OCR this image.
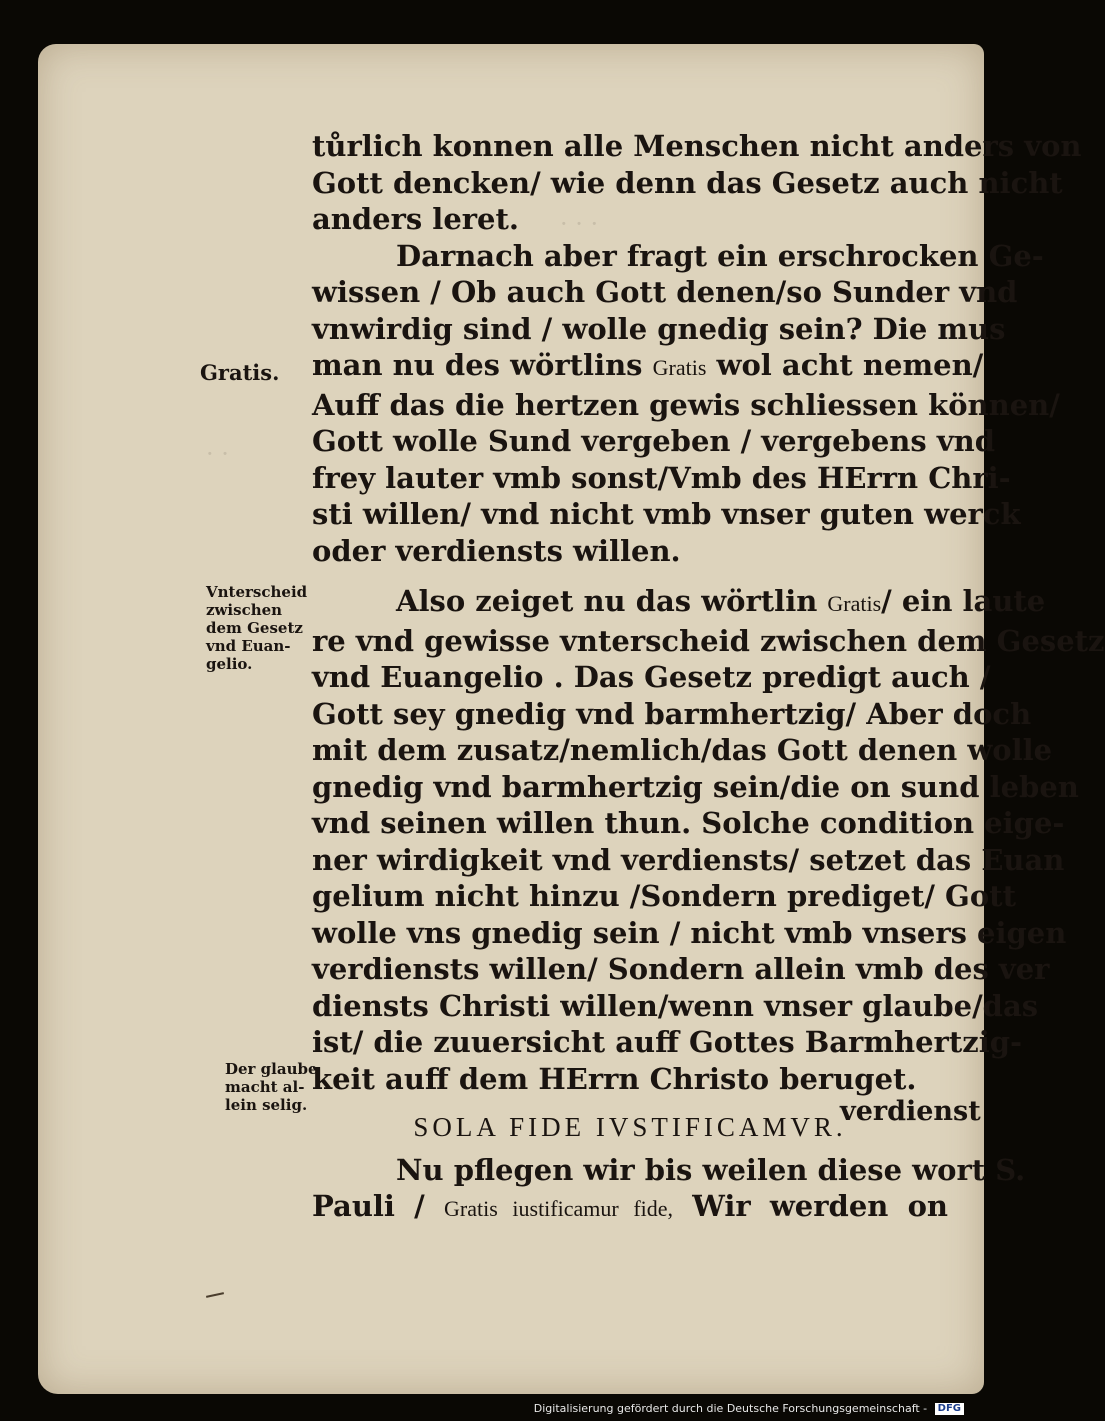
tůrlich konnen alle Menschen nicht anders von
Gott dencken/ wie denn das Gesetz auch nicht
anders leret.
Darnach aber fragt ein erschrocken Ge-
wissen / Ob auch Gott denen/so Sunder vnd
vnwirdig sind / wolle gnedig sein? Die mus
man nu des wörtlins Gratis wol acht nemen/
Auff das die hertzen gewis schliessen können/
Gott wolle Sund vergeben / vergebens vnd
frey lauter vmb sonst/Vmb des HErrn Chri-
sti willen/ vnd nicht vmb vnser guten werck
oder verdiensts willen.
Also zeiget nu das wörtlin Gratis/ ein laute
re vnd gewisse vnterscheid zwischen dem Gesetz
vnd Euangelio . Das Gesetz predigt auch /
Gott sey gnedig vnd barmhertzig/ Aber doch
mit dem zusatz/nemlich/das Gott denen wolle
gnedig vnd barmhertzig sein/die on sund leben
vnd seinen willen thun. Solche condition eige-
ner wirdigkeit vnd verdiensts/ setzet das Euan
gelium nicht hinzu /Sondern prediget/ Gott
wolle vns gnedig sein / nicht vmb vnsers eigen
verdiensts willen/ Sondern allein vmb des ver
diensts Christi willen/wenn vnser glaube/das
ist/ die zuuersicht auff Gottes Barmhertzig-
keit auff dem HErrn Christo beruget.
SOLA FIDE IVSTIFICAMVR.
Nu pflegen wir bis weilen diese wort S.
Pauli / Gratis iustificamur fide, Wir werden on

verdienst

Gratis.

Vnterscheid
zwischen
dem Gesetz
vnd Euan-
gelio.
Der glaube
macht al-
lein selig.
Digitalisierung gefördert durch die Deutsche Forschungsgemeinschaft - DFG
